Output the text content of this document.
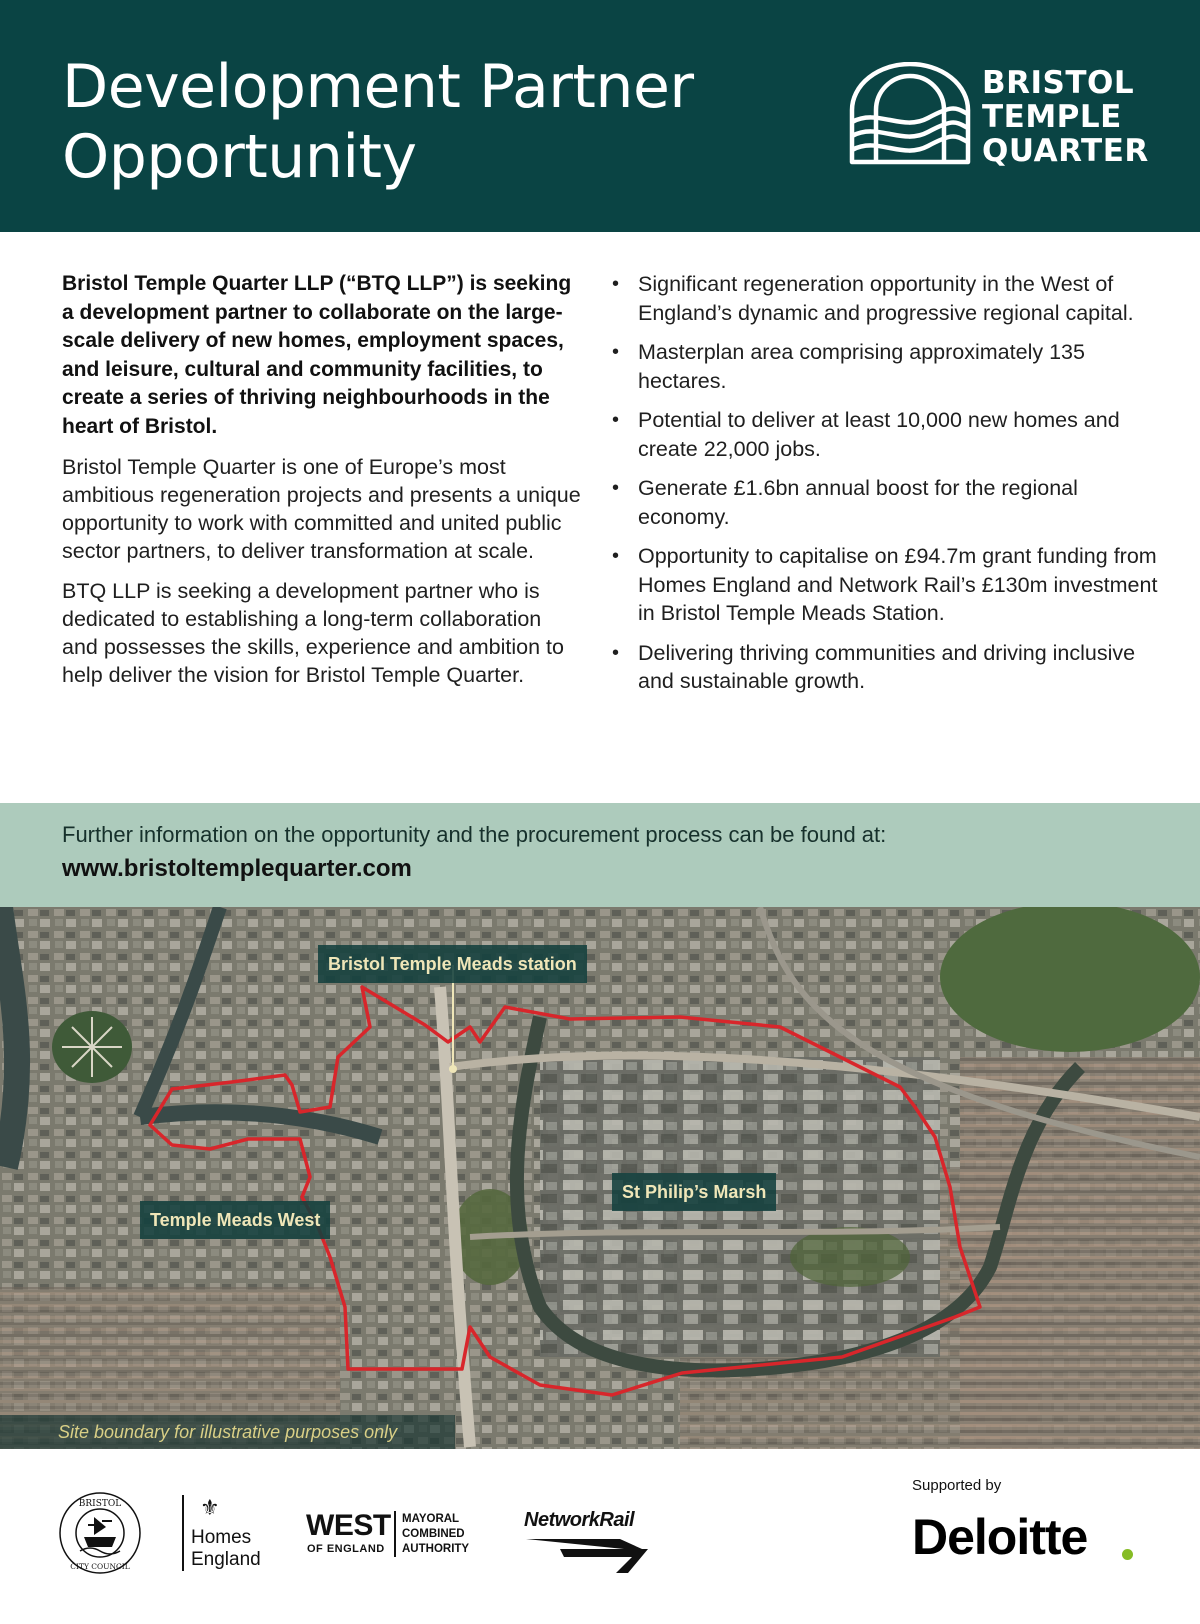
Development Partner
Opportunity
BRISTOL
TEMPLE
QUARTER

Bristol Temple Quarter LLP (“BTQ LLP”) is seeking a development partner to collaborate on the large-scale delivery of new homes, employment spaces, and leisure, cultural and community facilities, to create a series of thriving neighbourhoods in the heart of Bristol.

Bristol Temple Quarter is one of Europe’s most ambitious regeneration projects and presents a unique opportunity to work with committed and united public sector partners, to deliver transformation at scale.

BTQ LLP is seeking a development partner who is dedicated to establishing a long-term collaboration and possesses the skills, experience and ambition to help deliver the vision for Bristol Temple Quarter.

• Significant regeneration opportunity in the West of England’s dynamic and progressive regional capital.
• Masterplan area comprising approximately 135 hectares.
• Potential to deliver at least 10,000 new homes and create 22,000 jobs.
• Generate £1.6bn annual boost for the regional economy.
• Opportunity to capitalise on £94.7m grant funding from Homes England and Network Rail’s £130m investment in Bristol Temple Meads Station.
• Delivering thriving communities and driving inclusive and sustainable growth.
Further information on the opportunity and the procurement process can be found at:
www.bristoltemplequarter.com
Bristol Temple Meads station
St Philip’s Marsh
Temple Meads West
Site boundary for illustrative purposes only
BRISTOL
CITY COUNCIL
⚜
Homes
England
WEST
OF ENGLAND
MAYORAL
COMBINED
AUTHORITY
NetworkRail
Supported by
Deloitte
